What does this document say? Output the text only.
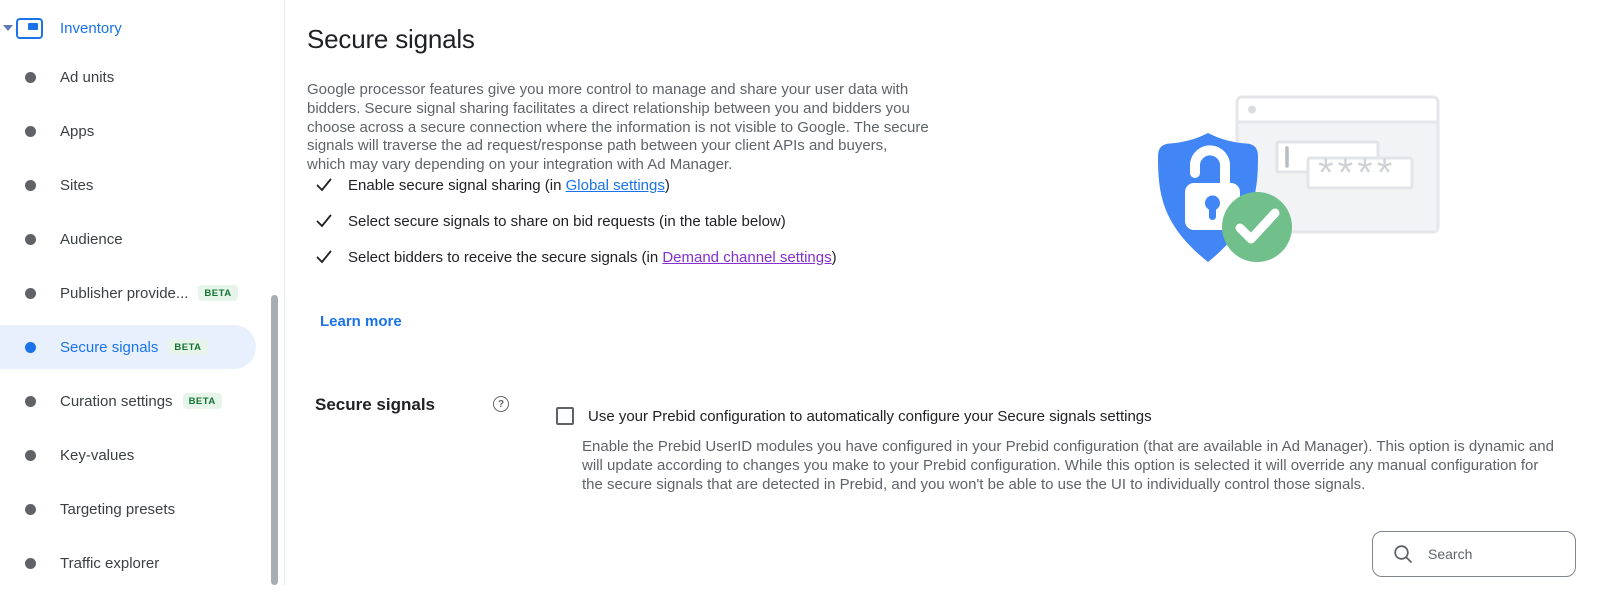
Inventory
Ad units
Apps
Sites
Audience
Publisher provide...	BETA
Secure signals	BETA
Curation settings	BETA
Key-values
Targeting presets
Traffic explorer
Secure signals

Google processor features give you more control to manage and share your user data with bidders. Secure signal sharing facilitates a direct relationship between you and bidders you choose across a secure connection where the information is not visible to Google. The secure signals will traverse the ad request/response path between your client APIs and buyers, which may vary depending on your integration with Ad Manager.

Enable secure signal sharing (in Global settings)
Select secure signals to share on bid requests (in the table below)
Select bidders to receive the secure signals (in Demand channel settings)
Learn more
Secure signals	?
Use your Prebid configuration to automatically configure your Secure signals settings
Enable the Prebid UserID modules you have configured in your Prebid configuration (that are available in Ad Manager). This option is dynamic and will update according to changes you make to your Prebid configuration. While this option is selected it will override any manual configuration for the secure signals that are detected in Prebid, and you won't be able to use the UI to individually control those signals.
Search
****
